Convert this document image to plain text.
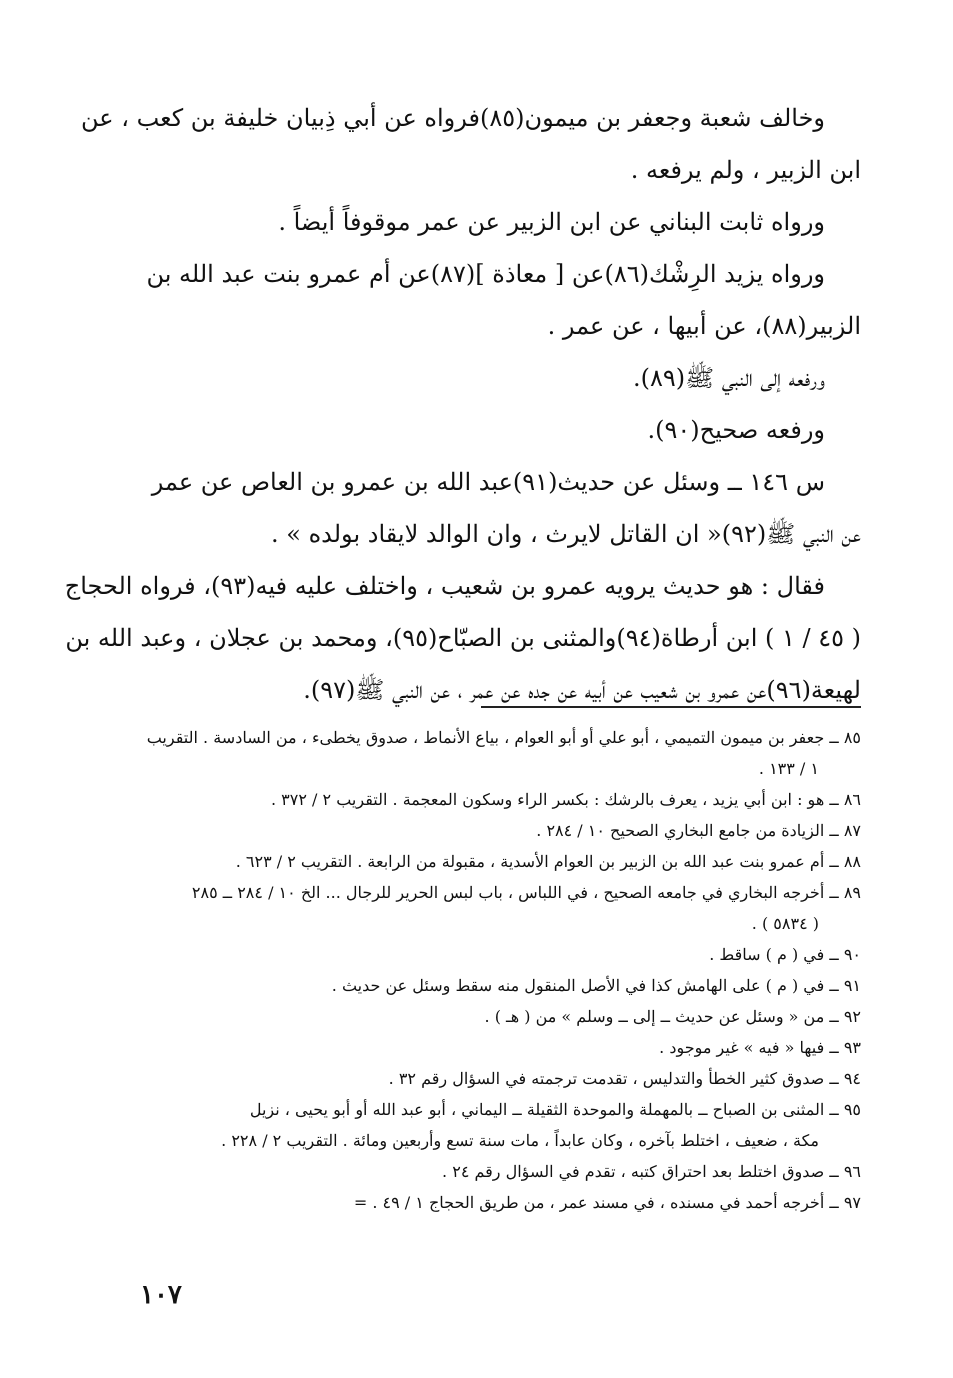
وخالف شعبة وجعفر بن ميمون(٨٥)فرواه عن أبي ذِبيان خليفة بن كعب ، عن
ابن الزبير ، ولم يرفعه .
ورواه ثابت البناني عن ابن الزبير عن عمر موقوفاً أيضاً .
ورواه يزيد الرِشْك(٨٦)عن [ معاذة ](٨٧)عن أم عمرو بنت عبد الله بن
الزبير(٨٨)، عن أبيها ، عن عمر .
ورفعه إلى النبي ﷺ(٨٩).
ورفعه صحيح(٩٠).
س ١٤٦ ــ وسئل عن حديث(٩١)عبد الله بن عمرو بن العاص عن عمر
عن النبي ﷺ(٩٢)« ان القاتل لايرث ، وان الوالد لايقاد بولده » .
فقال : هو حديث يرويه عمرو بن شعيب ، واختلف عليه فيه(٩٣)، فرواه الحجاج
( ٤٥ / ١ ) ابن أرطاة(٩٤)والمثنى بن الصبّاح(٩٥)، ومحمد بن عجلان ، وعبد الله بن
لهيعة(٩٦)عن عمرو بن شعيب عن أبيه عن جده عن عمر ، عن النبي ﷺ(٩٧).
٨٥ ــ جعفر بن ميمون التميمي ، أبو علي أو أبو العوام ، بياع الأنماط ، صدوق يخطىء ، من السادسة . التقريب
١ / ١٣٣ .
٨٦ ــ هو : ابن أبي يزيد ، يعرف بالرشك : بكسر الراء وسكون المعجمة . التقريب ٢ / ٣٧٢ .
٨٧ ــ الزيادة من جامع البخاري الصحيح ١٠ / ٢٨٤ .
٨٨ ــ أم عمرو بنت عبد الله بن الزبير بن العوام الأسدية ، مقبولة من الرابعة . التقريب ٢ / ٦٢٣ .
٨٩ ــ أخرجه البخاري في جامعه الصحيح ، في اللباس ، باب لبس الحرير للرجال ... الخ ١٠ / ٢٨٤ ــ ٢٨٥
( ٥٨٣٤ ) .
٩٠ ــ في ( م ) ساقط .
٩١ ــ في ( م ) على الهامش كذا في الأصل المنقول منه سقط وسئل عن حديث .
٩٢ ــ من « وسئل عن حديث ــ إلى ــ وسلم » من ( هـ ) .
٩٣ ــ فيها « فيه » غير موجود .
٩٤ ــ صدوق كثير الخطأ والتدليس ، تقدمت ترجمته في السؤال رقم ٣٢ .
٩٥ ــ المثنى بن الصباح ــ بالمهملة والموحدة الثقيلة ــ اليماني ، أبو عبد الله أو أبو يحيى ، نزيل
مكة ، ضعيف ، اختلط بآخره ، وكان عابداً ، مات سنة تسع وأربعين ومائة . التقريب ٢ / ٢٢٨ .
٩٦ ــ صدوق اختلط بعد احتراق كتبه ، تقدم في السؤال رقم ٢٤ .
٩٧ ــ أخرجه أحمد في مسنده ، في مسند عمر ، من طريق الحجاج ١ / ٤٩ . =
١٠٧
